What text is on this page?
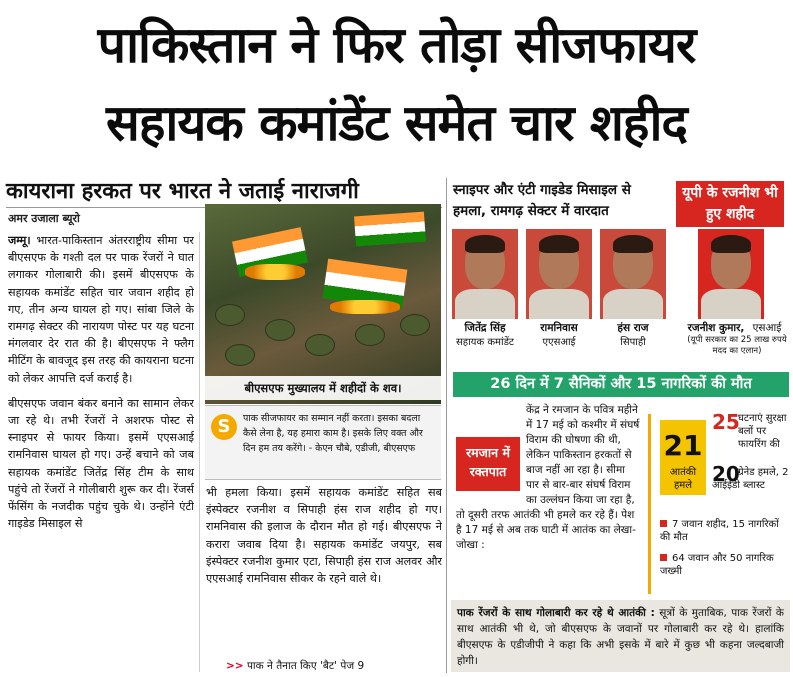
पाकिस्तान ने फिर तोड़ा सीजफायर
सहायक कमांडेंट समेत चार शहीद
कायराना हरकत पर भारत ने जताई नाराजगी
अमर उजाला ब्यूरो

जम्मू। भारत-पाकिस्तान अंतरराष्ट्रीय सीमा पर बीएसएफ के गश्ती दल पर पाक रेंजरों ने घात लगाकर गोलाबारी की। इसमें बीएसएफ के सहायक कमांडेंट सहित चार जवान शहीद हो गए, तीन अन्य घायल हो गए। सांबा जिले के रामगढ़ सेक्टर की नारायण पोस्ट पर यह घटना मंगलवार देर रात की है। बीएसएफ ने फ्लैग मीटिंग के बावजूद इस तरह की कायराना घटना को लेकर आपत्ति दर्ज कराई है।

बीएसएफ जवान बंकर बनाने का सामान लेकर जा रहे थे। तभी रेंजरों ने अशरफ पोस्ट से स्नाइपर से फायर किया। इसमें एएसआई रामनिवास घायल हो गए। उन्हें बचाने को जब सहायक कमांडेंट जितेंद्र सिंह टीम के साथ पहुंचे तो रेंजरों ने गोलीबारी शुरू कर दी। रेंजर्स फेंसिंग के नजदीक पहुंच चुके थे। उन्होंने एंटी गाइडेड मिसाइल से

बीएसएफ मुख्यालय में शहीदों के शव।
S	पाक सीजफायर का सम्मान नहीं करता। इसका बदला कैसे लेना है, यह हमारा काम है। इसके लिए वक्त और दिन हम तय करेंगे। - केएन चौबे, एडीजी, बीएसएफ
भी हमला किया। इसमें सहायक कमांडेंट सहित सब इंस्पेक्टर रजनीश व सिपाही हंस राज शहीद हो गए। रामनिवास की इलाज के दौरान मौत हो गई। बीएसएफ ने करारा जवाब दिया है। सहायक कमांडेंट जयपुर, सब इंस्पेक्टर रजनीश कुमार एटा, सिपाही हंस राज अलवर और एएसआई रामनिवास सीकर के रहने वाले थे।
>> पाक ने तैनात किए 'बैट' पेज 9
स्नाइपर और एंटी गाइडेड मिसाइल से हमला, रामगढ़ सेक्टर में वारदात
यूपी के रजनीश भी हुए शहीद
जितेंद्र सिंह
सहायक कमांडेंट
रामनिवास
एएसआई
हंस राज
सिपाही
रजनीश कुमार, एसआई
(यूपी सरकार का 25 लाख रुपये मदद का एलान)
26 दिन में 7 सैनिकों और 15 नागरिकों की मौत
रमजान में रक्तपात
केंद्र ने रमजान के पवित्र महीने में 17 मई को कश्मीर में संघर्ष विराम की घोषणा की थी, लेकिन पाकिस्तान हरकतों से बाज नहीं आ रहा है। सीमा पार से बार-बार संघर्ष विराम का उल्लंघन किया जा रहा है, तो दूसरी तरफ आतंकी भी हमले कर रहे हैं। पेश है 17 मई से अब तक घाटी में आतंक का लेखा-जोखा :
21
आतंकी हमले
25
घटनाएं सुरक्षा बलों पर फायरिंग की
20
ग्रेनेड हमले, 2 आईईडी ब्लास्ट
7 जवान शहीद, 15 नागरिकों की मौत
64 जवान और 50 नागरिक जख्मी
पाक रेंजरों के साथ गोलाबारी कर रहे थे आतंकी : सूत्रों के मुताबिक, पाक रेंजरों के साथ आतंकी भी थे, जो बीएसएफ के जवानों पर गोलाबारी कर रहे थे। हालांकि बीएसएफ के एडीजीपी ने कहा कि अभी इसके में बारे में कुछ भी कहना जल्दबाजी होगी।
